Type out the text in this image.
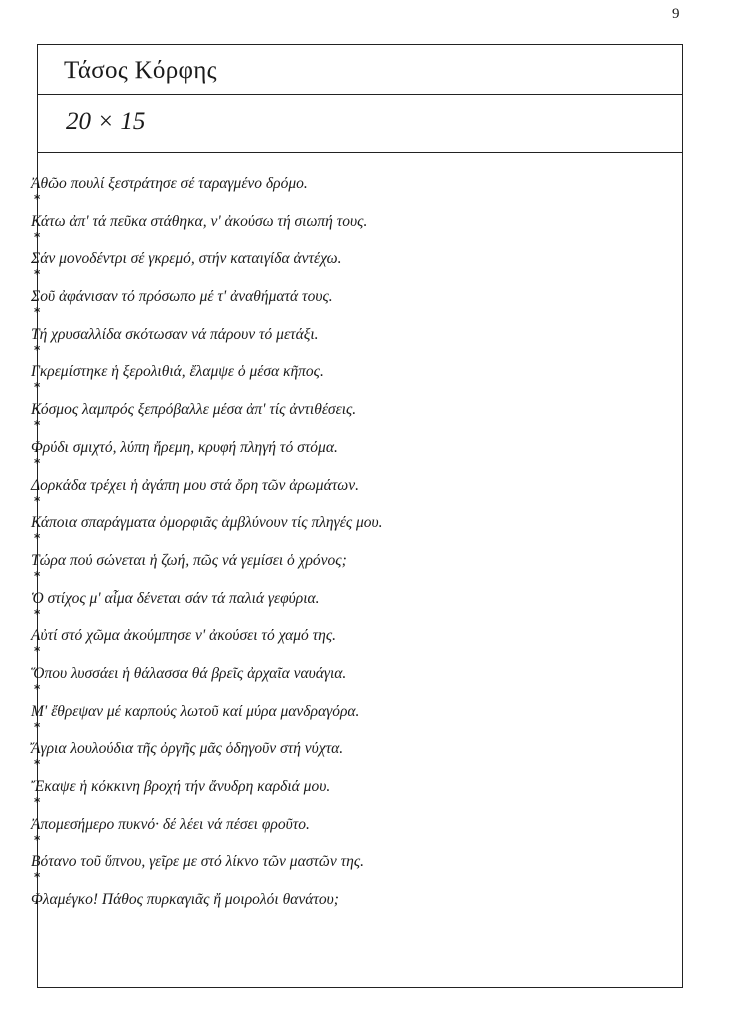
9
Τάσος Κόρφης
20 × 15
Ἀθῶο πουλί ξεστράτησε σέ ταραγμένο δρόμο.
*
Κάτω ἀπ' τά πεῦκα στάθηκα, ν' ἀκούσω τή σιωπή τους.
*
Σάν μονοδέντρι σέ γκρεμό, στήν καταιγίδα ἀντέχω.
*
Σοῦ ἀφάνισαν τό πρόσωπο μέ τ' ἀναθήματά τους.
*
Τή χρυσαλλίδα σκότωσαν νά πάρουν τό μετάξι.
*
Γκρεμίστηκε ἡ ξερολιθιά, ἔλαμψε ὁ μέσα κῆπος.
*
Κόσμος λαμπρός ξεπρόβαλλε μέσα ἀπ' τίς ἀντιθέσεις.
*
Φρύδι σμιχτό, λύπη ἤρεμη, κρυφή πληγή τό στόμα.
*
Δορκάδα τρέχει ἡ ἀγάπη μου στά ὄρη τῶν ἀρωμάτων.
*
Κάποια σπαράγματα ὀμορφιᾶς ἀμβλύνουν τίς πληγές μου.
*
Τώρα πού σώνεται ἡ ζωή, πῶς νά γεμίσει ὁ χρόνος;
*
Ὁ στίχος μ' αἷμα δένεται σάν τά παλιά γεφύρια.
*
Αὐτί στό χῶμα ἀκούμπησε ν' ἀκούσει τό χαμό της.
*
Ὅπου λυσσάει ἡ θάλασσα θά βρεῖς ἀρχαῖα ναυάγια.
*
Μ' ἔθρεψαν μέ καρπούς λωτοῦ καί μύρα μανδραγόρα.
*
Ἄγρια λουλούδια τῆς ὀργῆς μᾶς ὁδηγοῦν στή νύχτα.
*
Ἔκαψε ἡ κόκκινη βροχή τήν ἄνυδρη καρδιά μου.
*
Ἀπομεσήμερο πυκνό· δέ λέει νά πέσει φροῦτο.
*
Βότανο τοῦ ὕπνου, γεῖρε με στό λίκνο τῶν μαστῶν της.
*
Φλαμέγκο! Πάθος πυρκαγιᾶς ἤ μοιρολόι θανάτου;
